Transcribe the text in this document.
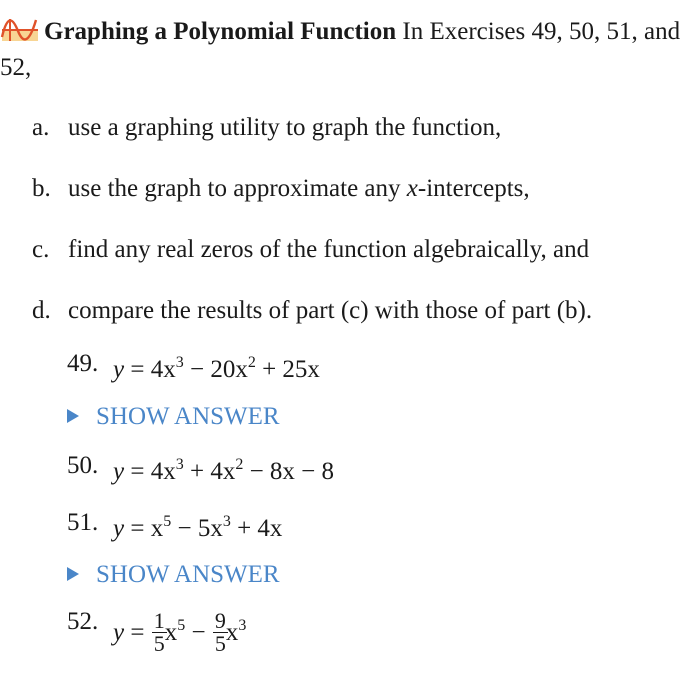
Graphing a Polynomial Function In Exercises 49, 50, 51, and 52,
a. use a graphing utility to graph the function,
b. use the graph to approximate any x-intercepts,
c. find any real zeros of the function algebraically, and
d. compare the results of part (c) with those of part (b).
49. $y = 4x^3 - 20x^2 + 25x$
SHOW ANSWER
50. $y = 4x^3 + 4x^2 - 8x - 8$
51. $y = x^5 - 5x^3 + 4x$
SHOW ANSWER
52. $y = \frac{1}{5}$
$x^5 - \frac{9}{5}$
$x^3$
